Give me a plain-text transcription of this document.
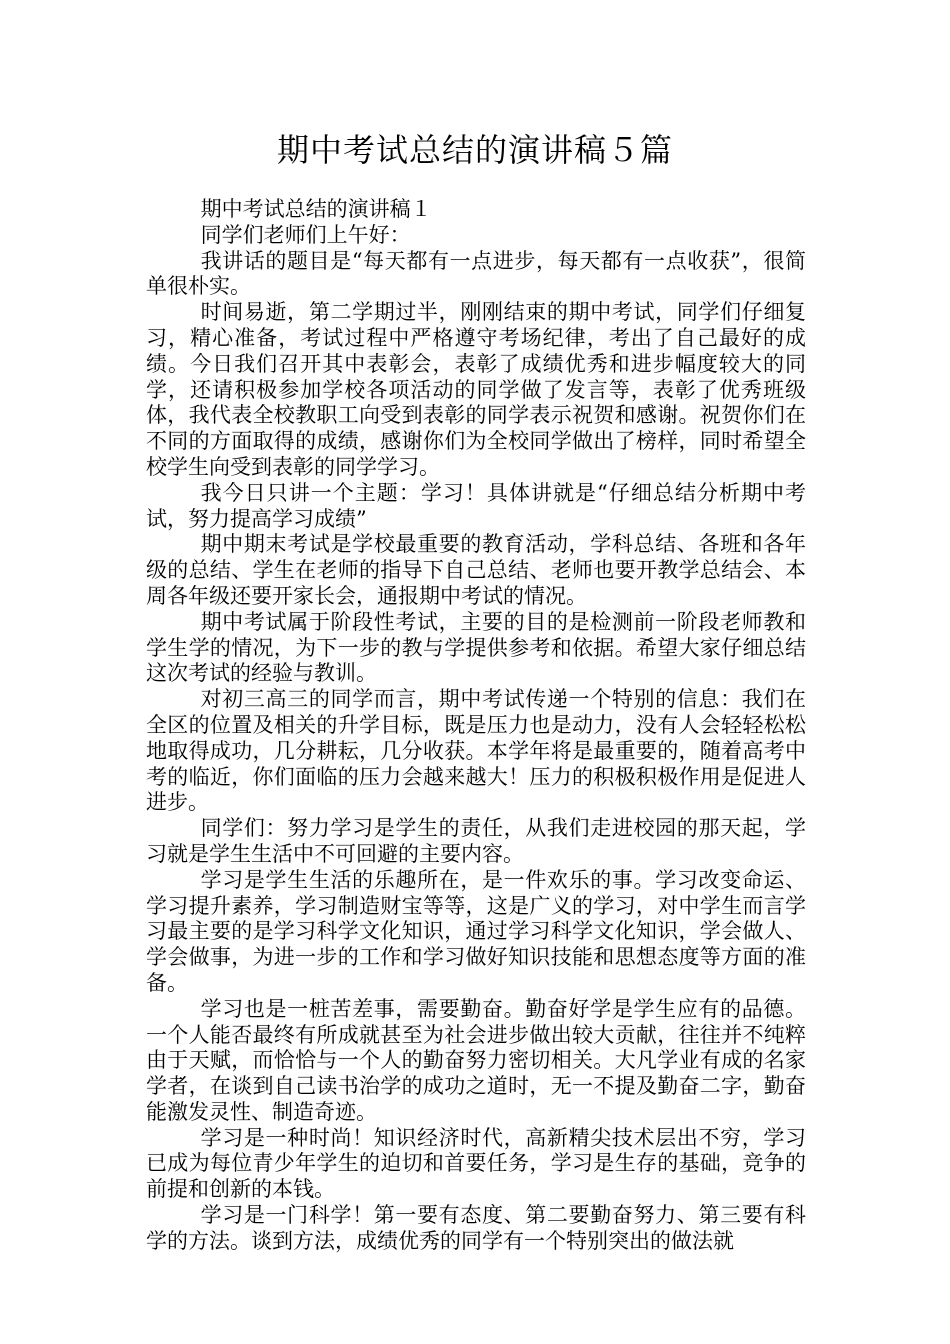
期中考试总结的演讲稿５篇

期中考试总结的演讲稿１

同学们老师们上午好：

我讲话的题目是“每天都有一点进步，每天都有一点收获”，很简单很朴实。

时间易逝，第二学期过半，刚刚结束的期中考试，同学们仔细复习，精心准备，考试过程中严格遵守考场纪律，考出了自己最好的成绩。今日我们召开其中表彰会，表彰了成绩优秀和进步幅度较大的同学，还请积极参加学校各项活动的同学做了发言等，表彰了优秀班级体，我代表全校教职工向受到表彰的同学表示祝贺和感谢。祝贺你们在不同的方面取得的成绩，感谢你们为全校同学做出了榜样，同时希望全校学生向受到表彰的同学学习。

我今日只讲一个主题：学习！具体讲就是“仔细总结分析期中考试，努力提高学习成绩”

期中期末考试是学校最重要的教育活动，学科总结、各班和各年级的总结、学生在老师的指导下自己总结、老师也要开教学总结会、本周各年级还要开家长会，通报期中考试的情况。

期中考试属于阶段性考试，主要的目的是检测前一阶段老师教和学生学的情况，为下一步的教与学提供参考和依据。希望大家仔细总结这次考试的经验与教训。

对初三高三的同学而言，期中考试传递一个特别的信息：我们在全区的位置及相关的升学目标，既是压力也是动力，没有人会轻轻松松地取得成功，几分耕耘，几分收获。本学年将是最重要的，随着高考中考的临近，你们面临的压力会越来越大！压力的积极积极作用是促进人进步。

同学们：努力学习是学生的责任，从我们走进校园的那天起，学习就是学生生活中不可回避的主要内容。

学习是学生生活的乐趣所在，是一件欢乐的事。学习改变命运、学习提升素养，学习制造财宝等等，这是广义的学习，对中学生而言学习最主要的是学习科学文化知识，通过学习科学文化知识，学会做人、学会做事，为进一步的工作和学习做好知识技能和思想态度等方面的准备。

学习也是一桩苦差事，需要勤奋。勤奋好学是学生应有的品德。一个人能否最终有所成就甚至为社会进步做出较大贡献，往往并不纯粹由于天赋，而恰恰与一个人的勤奋努力密切相关。大凡学业有成的名家学者，在谈到自己读书治学的成功之道时，无一不提及勤奋二字，勤奋能激发灵性、制造奇迹。

学习是一种时尚！知识经济时代，高新精尖技术层出不穷，学习已成为每位青少年学生的迫切和首要任务，学习是生存的基础，竞争的前提和创新的本钱。

学习是一门科学！第一要有态度、第二要勤奋努力、第三要有科学的方法。谈到方法，成绩优秀的同学有一个特别突出的做法就
